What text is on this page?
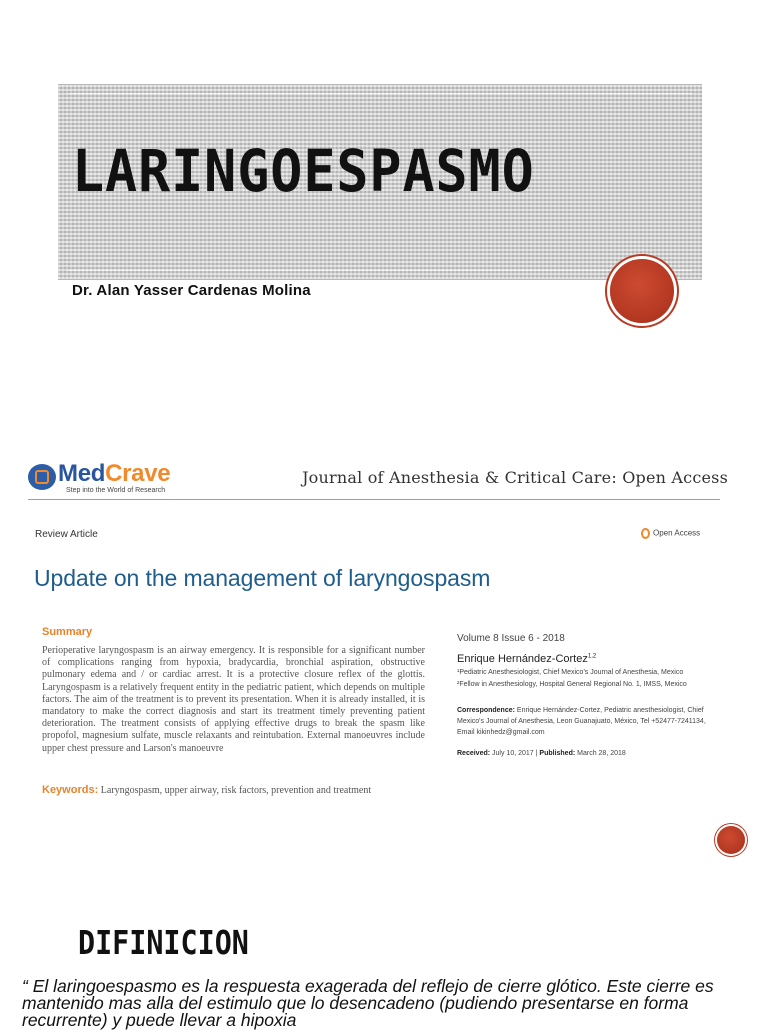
LARINGOESPASMO
Dr. Alan Yasser Cardenas Molina
MedCrave
Step into the World of Research
Journal of Anesthesia & Critical Care: Open Access
Review Article	Open Access
Update on the management of laryngospasm
Summary
Perioperative laryngospasm is an airway emergency. It is responsible for a significant number of complications ranging from hypoxia, bradycardia, bronchial aspiration, obstructive pulmonary edema and / or cardiac arrest. It is a protective closure reflex of the glottis. Laryngospasm is a relatively frequent entity in the pediatric patient, which depends on multiple factors. The aim of the treatment is to prevent its presentation. When it is already installed, it is mandatory to make the correct diagnosis and start its treatment timely preventing patient deterioration. The treatment consists of applying effective drugs to break the spasm like propofol, magnesium sulfate, muscle relaxants and reintubation. External manoeuvres include upper chest pressure and Larson's manoeuvre
Keywords: Laryngospasm, upper airway, risk factors, prevention and treatment
Volume 8 Issue 6 - 2018
Enrique Hernández-Cortez$^{1,2}$
¹Pediatric Anesthesiologist, Chief Mexico's Journal of Anesthesia, Mexico
²Fellow in Anesthesiology, Hospital General Regional No. 1, IMSS, Mexico
Correspondence: Enrique Hernández-Cortez, Pediatric anesthesiologist, Chief Mexico's Journal of Anesthesia, Leon Guanajuato, México, Tel +52477-7241134,
Email kikinhedz@gmail.com
Received: July 10, 2017 | Published: March 28, 2018
DIFINICION
“ El laringoespasmo es la respuesta exagerada del reflejo de cierre glótico. Este cierre es mantenido mas alla del estimulo que lo desencadeno (pudiendo presentarse en forma recurrente) y puede llevar a hipoxia
